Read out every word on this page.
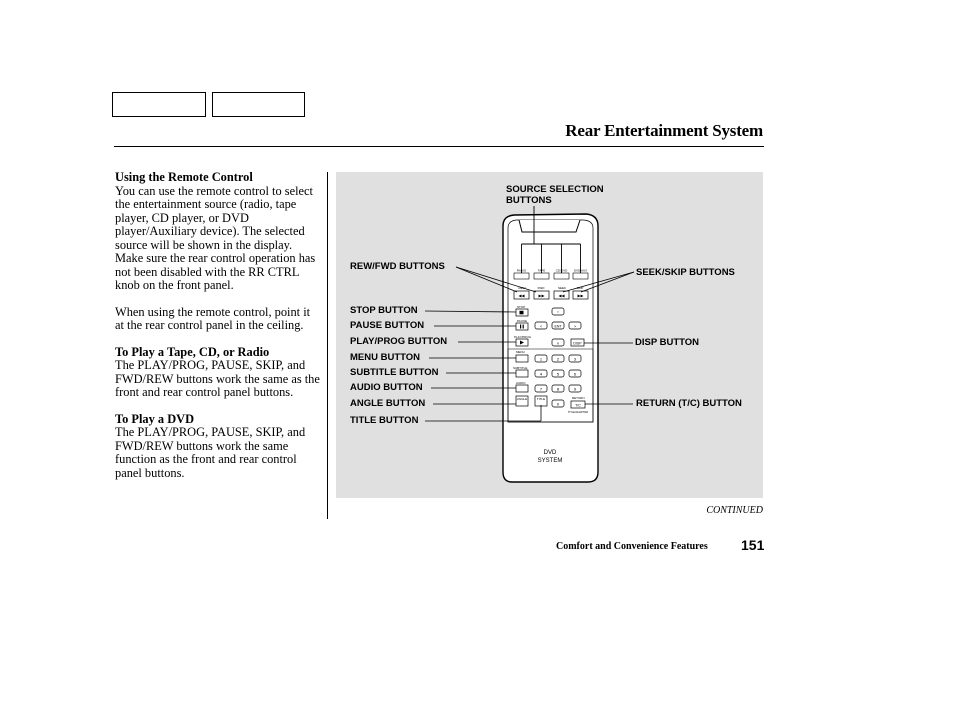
Rear Entertainment System
Using the Remote Control

You can use the remote control to select the entertainment source (radio, tape player, CD player, or DVD player/Auxiliary device). The selected source will be shown in the display.

Make sure the rear control operation has not been disabled with the RR CTRL knob on the front panel.

When using the remote control, point it at the rear control panel in the ceiling.

To Play a Tape, CD, or Radio

The PLAY/PROG, PAUSE, SKIP, and FWD/REW buttons work the same as the front and rear control panel buttons.

To Play a DVD

The PLAY/PROG, PAUSE, SKIP, and FWD/REW buttons work the same function as the front and rear control panel buttons.

RADIO	TAPE	CD/DVD DVD/AUX
REW	FWD	SEEK	SKIP
◂◂ ▸▸ ◂◂ ▸▸
STOP
PAUSE
PLAY/PROG
^
<	ENT	>
v	DISP
MENU
SUBTITLE
AUDIO
ANGLE	TITLE	RETURN
T/C
TITLE/CHAPTER
1	2	3
4	5	6
7	8	9
0
DVD
SYSTEM
SOURCE SELECTION
BUTTONS
REW/FWD BUTTONS
SEEK/SKIP BUTTONS
STOP BUTTON
PAUSE BUTTON
PLAY/PROG BUTTON	DISP BUTTON
MENU BUTTON
SUBTITLE BUTTON
AUDIO BUTTON
ANGLE BUTTON	RETURN (T/C) BUTTON
TITLE BUTTON
CONTINUED
Comfort and Convenience Features 151
